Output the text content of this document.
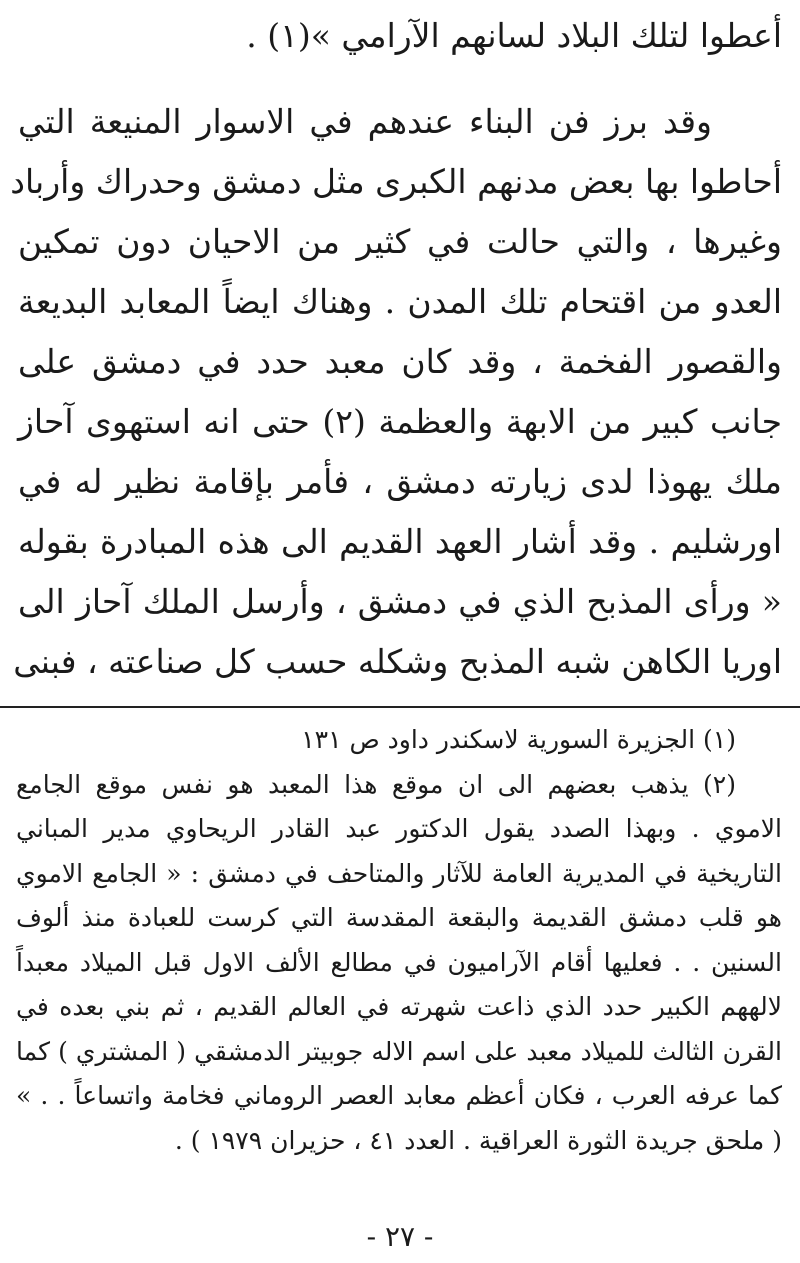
أعطوا لتلك البلاد لسانهم الآرامي »(١) .
وقد برز فن البناء عندهم في الاسوار المنيعة التي
أحاطوا بها بعض مدنهم الكبرى مثل دمشق وحدراك وأرباد
وغيرها ، والتي حالت في كثير من الاحيان دون تمكين
العدو من اقتحام تلك المدن . وهناك ايضاً المعابد البديعة
والقصور الفخمة ، وقد كان معبد حدد في دمشق على
جانب كبير من الابهة والعظمة (٢) حتى انه استهوى آحاز
ملك يهوذا لدى زيارته دمشق ، فأمر بإقامة نظير له في
اورشليم . وقد أشار العهد القديم الى هذه المبادرة بقوله
« ورأى المذبح الذي في دمشق ، وأرسل الملك آحاز الى
اوريا الكاهن شبه المذبح وشكله حسب كل صناعته ، فبنى
(١) الجزيرة السورية لاسكندر داود ص ١٣١
(٢) يذهب بعضهم الى ان موقع هذا المعبد هو نفس موقع الجامع
الاموي . وبهذا الصدد يقول الدكتور عبد القادر الريحاوي مدير المباني
التاريخية في المديرية العامة للآثار والمتاحف في دمشق : « الجامع الاموي
هو قلب دمشق القديمة والبقعة المقدسة التي كرست للعبادة منذ ألوف
السنين . . فعليها أقام الآراميون في مطالع الألف الاول قبل الميلاد معبداً
لالههم الكبير حدد الذي ذاعت شهرته في العالم القديم ، ثم بني بعده في
القرن الثالث للميلاد معبد على اسم الاله جوبيتر الدمشقي ( المشتري ) كما
كما عرفه العرب ، فكان أعظم معابد العصر الروماني فخامة واتساعاً . . »
( ملحق جريدة الثورة العراقية . العدد ٤١ ، حزيران ١٩٧٩ ) .
- ٢٧ -
